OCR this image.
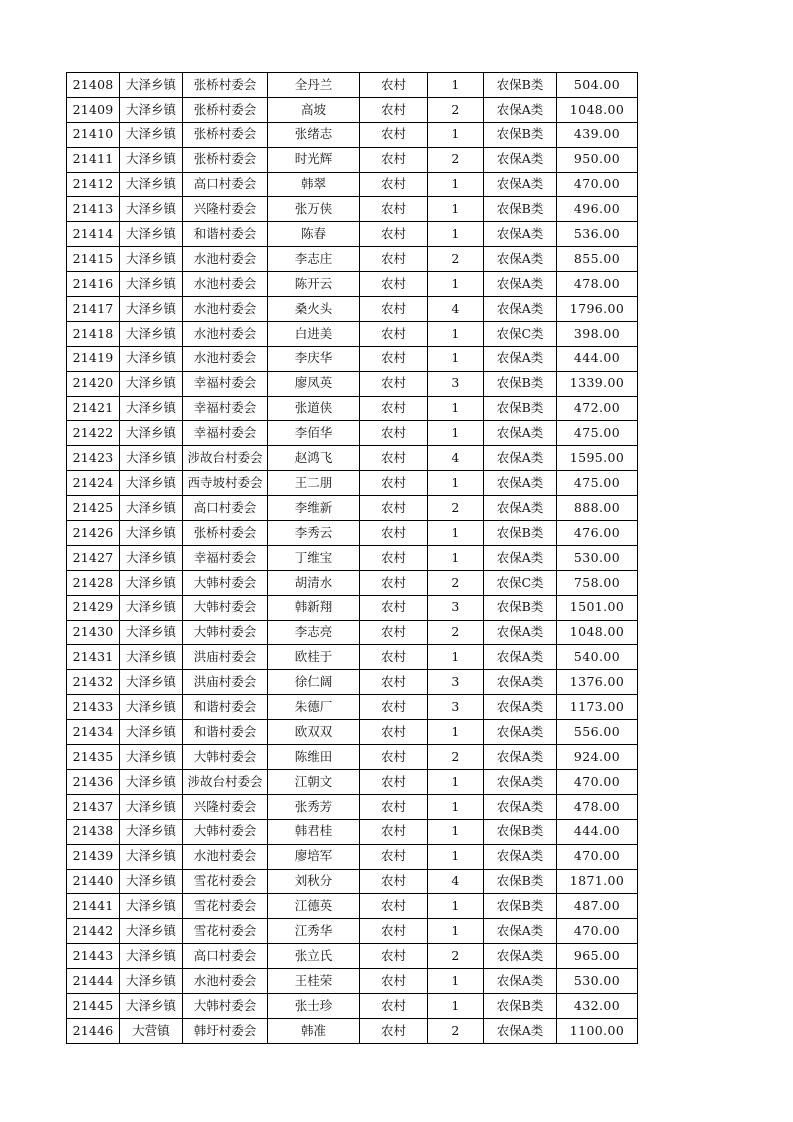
21408	大泽乡镇	张桥村委会	全丹兰	农村	1	农保B类	504.00
21409	大泽乡镇	张桥村委会	高坡	农村	2	农保A类	1048.00
21410	大泽乡镇	张桥村委会	张绪志	农村	1	农保B类	439.00
21411	大泽乡镇	张桥村委会	时光辉	农村	2	农保A类	950.00
21412	大泽乡镇	高口村委会	韩翠	农村	1	农保A类	470.00
21413	大泽乡镇	兴隆村委会	张万侠	农村	1	农保B类	496.00
21414	大泽乡镇	和谐村委会	陈春	农村	1	农保A类	536.00
21415	大泽乡镇	水池村委会	李志庄	农村	2	农保A类	855.00
21416	大泽乡镇	水池村委会	陈开云	农村	1	农保A类	478.00
21417	大泽乡镇	水池村委会	桑火头	农村	4	农保A类	1796.00
21418	大泽乡镇	水池村委会	白进美	农村	1	农保C类	398.00
21419	大泽乡镇	水池村委会	李庆华	农村	1	农保A类	444.00
21420	大泽乡镇	幸福村委会	廖凤英	农村	3	农保B类	1339.00
21421	大泽乡镇	幸福村委会	张道侠	农村	1	农保B类	472.00
21422	大泽乡镇	幸福村委会	李佰华	农村	1	农保A类	475.00
21423	大泽乡镇	涉故台村委会	赵鸿飞	农村	4	农保A类	1595.00
21424	大泽乡镇	西寺坡村委会	王二朋	农村	1	农保A类	475.00
21425	大泽乡镇	高口村委会	李维新	农村	2	农保A类	888.00
21426	大泽乡镇	张桥村委会	李秀云	农村	1	农保B类	476.00
21427	大泽乡镇	幸福村委会	丁维宝	农村	1	农保A类	530.00
21428	大泽乡镇	大韩村委会	胡清水	农村	2	农保C类	758.00
21429	大泽乡镇	大韩村委会	韩新翔	农村	3	农保B类	1501.00
21430	大泽乡镇	大韩村委会	李志亮	农村	2	农保A类	1048.00
21431	大泽乡镇	洪庙村委会	欧桂于	农村	1	农保A类	540.00
21432	大泽乡镇	洪庙村委会	徐仁阔	农村	3	农保A类	1376.00
21433	大泽乡镇	和谐村委会	朱德厂	农村	3	农保A类	1173.00
21434	大泽乡镇	和谐村委会	欧双双	农村	1	农保A类	556.00
21435	大泽乡镇	大韩村委会	陈维田	农村	2	农保A类	924.00
21436	大泽乡镇	涉故台村委会	江朝文	农村	1	农保A类	470.00
21437	大泽乡镇	兴隆村委会	张秀芳	农村	1	农保A类	478.00
21438	大泽乡镇	大韩村委会	韩君桂	农村	1	农保B类	444.00
21439	大泽乡镇	水池村委会	廖培军	农村	1	农保A类	470.00
21440	大泽乡镇	雪花村委会	刘秋分	农村	4	农保B类	1871.00
21441	大泽乡镇	雪花村委会	江德英	农村	1	农保B类	487.00
21442	大泽乡镇	雪花村委会	江秀华	农村	1	农保A类	470.00
21443	大泽乡镇	高口村委会	张立氏	农村	2	农保A类	965.00
21444	大泽乡镇	水池村委会	王桂荣	农村	1	农保A类	530.00
21445	大泽乡镇	大韩村委会	张士珍	农村	1	农保B类	432.00
21446	大营镇	韩圩村委会	韩准	农村	2	农保A类	1100.00
